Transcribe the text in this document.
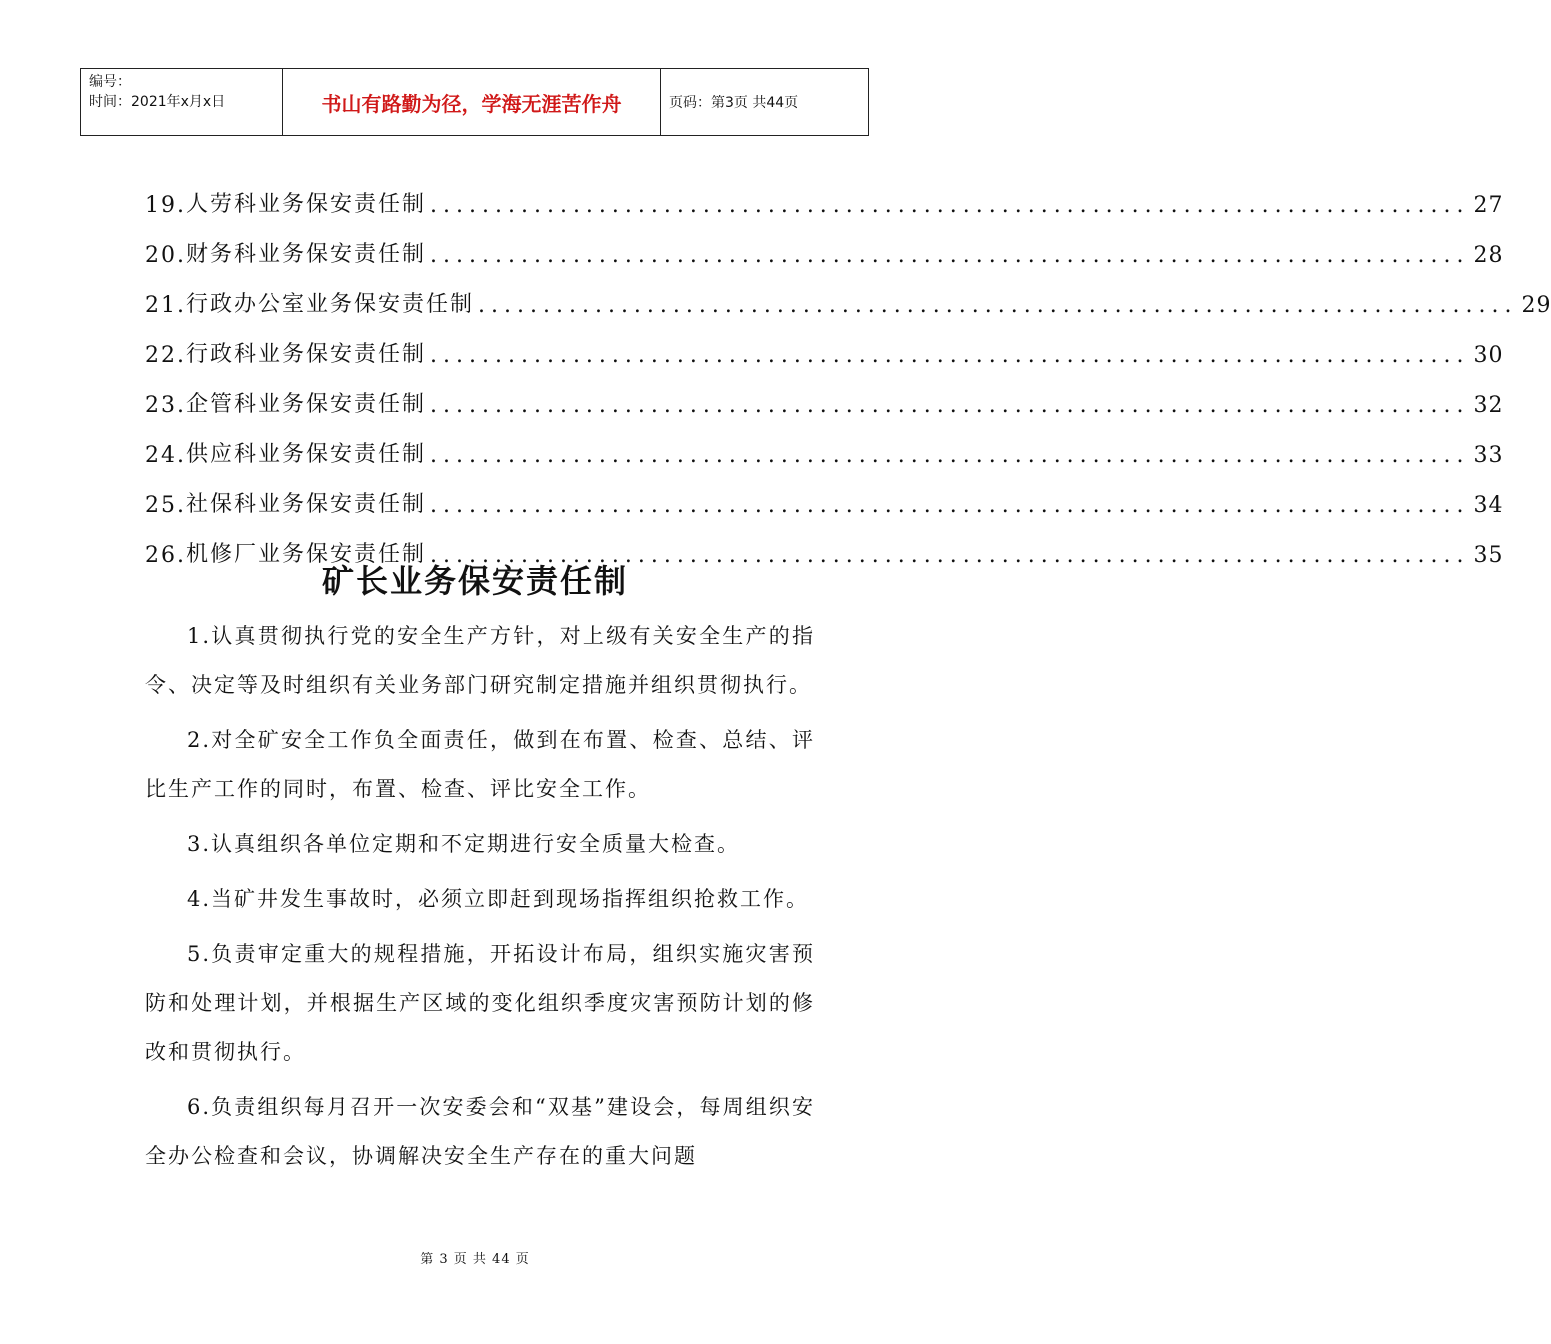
编号：
时间：2021年x月x日	书山有路勤为径，学海无涯苦作舟	页码：第3页 共44页
19. 人劳科业务保安责任制 ................................................................................ 27
20. 财务科业务保安责任制 ................................................................................ 28
21. 行政办公室业务保安责任制 ................................................................................ 29
22. 行政科业务保安责任制 ................................................................................ 30
23. 企管科业务保安责任制 ................................................................................ 32
24. 供应科业务保安责任制 ................................................................................ 33
25. 社保科业务保安责任制 ................................................................................ 34
26. 机修厂业务保安责任制 ................................................................................ 35
矿长业务保安责任制

1.认真贯彻执行党的安全生产方针，对上级有关安全生产的指令、决定等及时组织有关业务部门研究制定措施并组织贯彻执行。

2.对全矿安全工作负全面责任，做到在布置、检查、总结、评比生产工作的同时，布置、检查、评比安全工作。

3.认真组织各单位定期和不定期进行安全质量大检查。

4.当矿井发生事故时，必须立即赶到现场指挥组织抢救工作。

5.负责审定重大的规程措施，开拓设计布局，组织实施灾害预防和处理计划，并根据生产区域的变化组织季度灾害预防计划的修改和贯彻执行。

6.负责组织每月召开一次安委会和“双基”建设会，每周组织安全办公检查和会议，协调解决安全生产存在的重大问题

第 3 页 共 44 页
